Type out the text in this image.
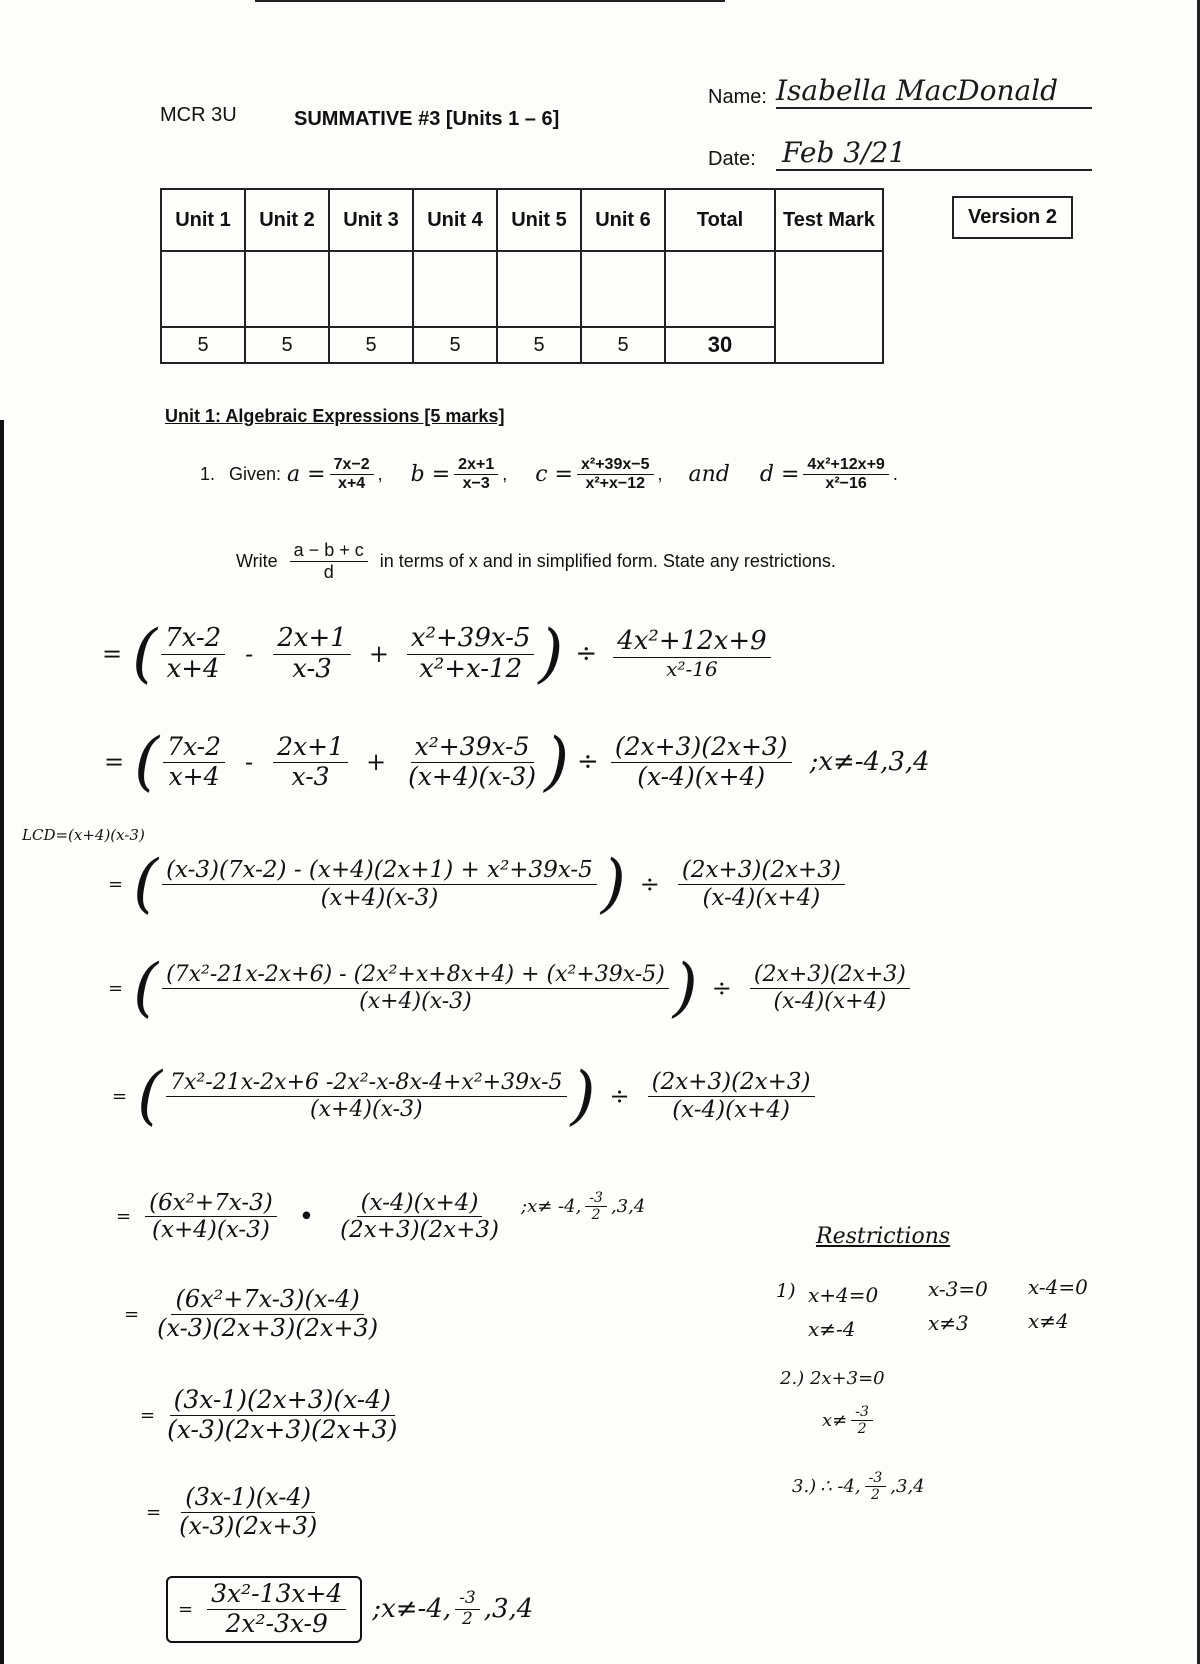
MCR 3U	SUMMATIVE #3 [Units 1 – 6]
Name: Isabella MacDonald
Date: Feb 3/21
Unit 1	Unit 2	Unit 3	Unit 4	Unit 5	Unit 6	Total	Test Mark

5	5	5	5	5	5	30	
Version 2
Unit 1: Algebraic Expressions [5 marks]
1. Given: $a = \frac{7x-2}{x+4}$ , $b = \frac{2x+1}{x-3}$ , $c = \frac{\text{x²+39x−5}}{\text{x²+x−12}}$ , and $d = \frac{\text{4x²+12x+9}}{\text{x²−16}}$ .
Write $\frac{a - b + c}{d}$ in terms of x and in simplified form. State any restrictions.
= ( $\frac{7x-2}{x+4} - \frac{2x+1}{x-3} + \frac{\text{x²+39x-5}}{\text{x²+x-12}}$ ) ÷ $\frac{\text{4x²+12x+9}}{\text{x²-16}}$
= ( $\frac{7x-2}{x+4} - \frac{2x+1}{x-3} + \frac{\text{x²+39x-5}}{(x+4)(x-3)}$ ) ÷ $\frac{(2x+3)(2x+3)}{(x-4)(x+4)}$ ;x≠-4,3,4
LCD=(x+4)(x-3)
= ( $\frac{\text{(x-3)(7x-2) - (x+4)(2x+1) + x²+39x-5}}{(x+4)(x-3)}$ ) ÷ $\frac{(2x+3)(2x+3)}{(x-4)(x+4)}$
= ( $\frac{\text{(7x²-21x-2x+6) - (2x²+x+8x+4) + (x²+39x-5)}}{(x+4)(x-3)}$ ) ÷ $\frac{(2x+3)(2x+3)}{(x-4)(x+4)}$
= ( $\frac{\text{7x²-21x-2x+6 -2x²-x-8x-4+x²+39x-5}}{(x+4)(x-3)}$ ) ÷ $\frac{(2x+3)(2x+3)}{(x-4)(x+4)}$
= $\frac{\text{(6x²+7x-3)}}{(x+4)(x-3)}$ • $\frac{(x-4)(x+4)}{(2x+3)(2x+3)}$ ;x≠ -4, $\frac{-3}{2} ,3,4$
= $\frac{\text{(6x²+7x-3)(x-4)}}{(x-3)(2x+3)(2x+3)}$
= $\frac{(3x-1)(2x+3)(x-4)}{(x-3)(2x+3)(2x+3)}$
= $\frac{(3x-1)(x-4)}{(x-3)(2x+3)}$
= $\frac{\text{3x²-13x+4}}{\text{2x²-3x-9}}$ ;x≠-4, $\frac{-3}{2} ,3,4$
Restrictions
1) x+4=0
x≠-4
x-3=0
x≠3
x-4=0
x≠4
2.) 2x+3=0
$x\ne \frac{-3}{2}$
3.) ∴ -4, $\frac{-3}{2} ,3,4$
